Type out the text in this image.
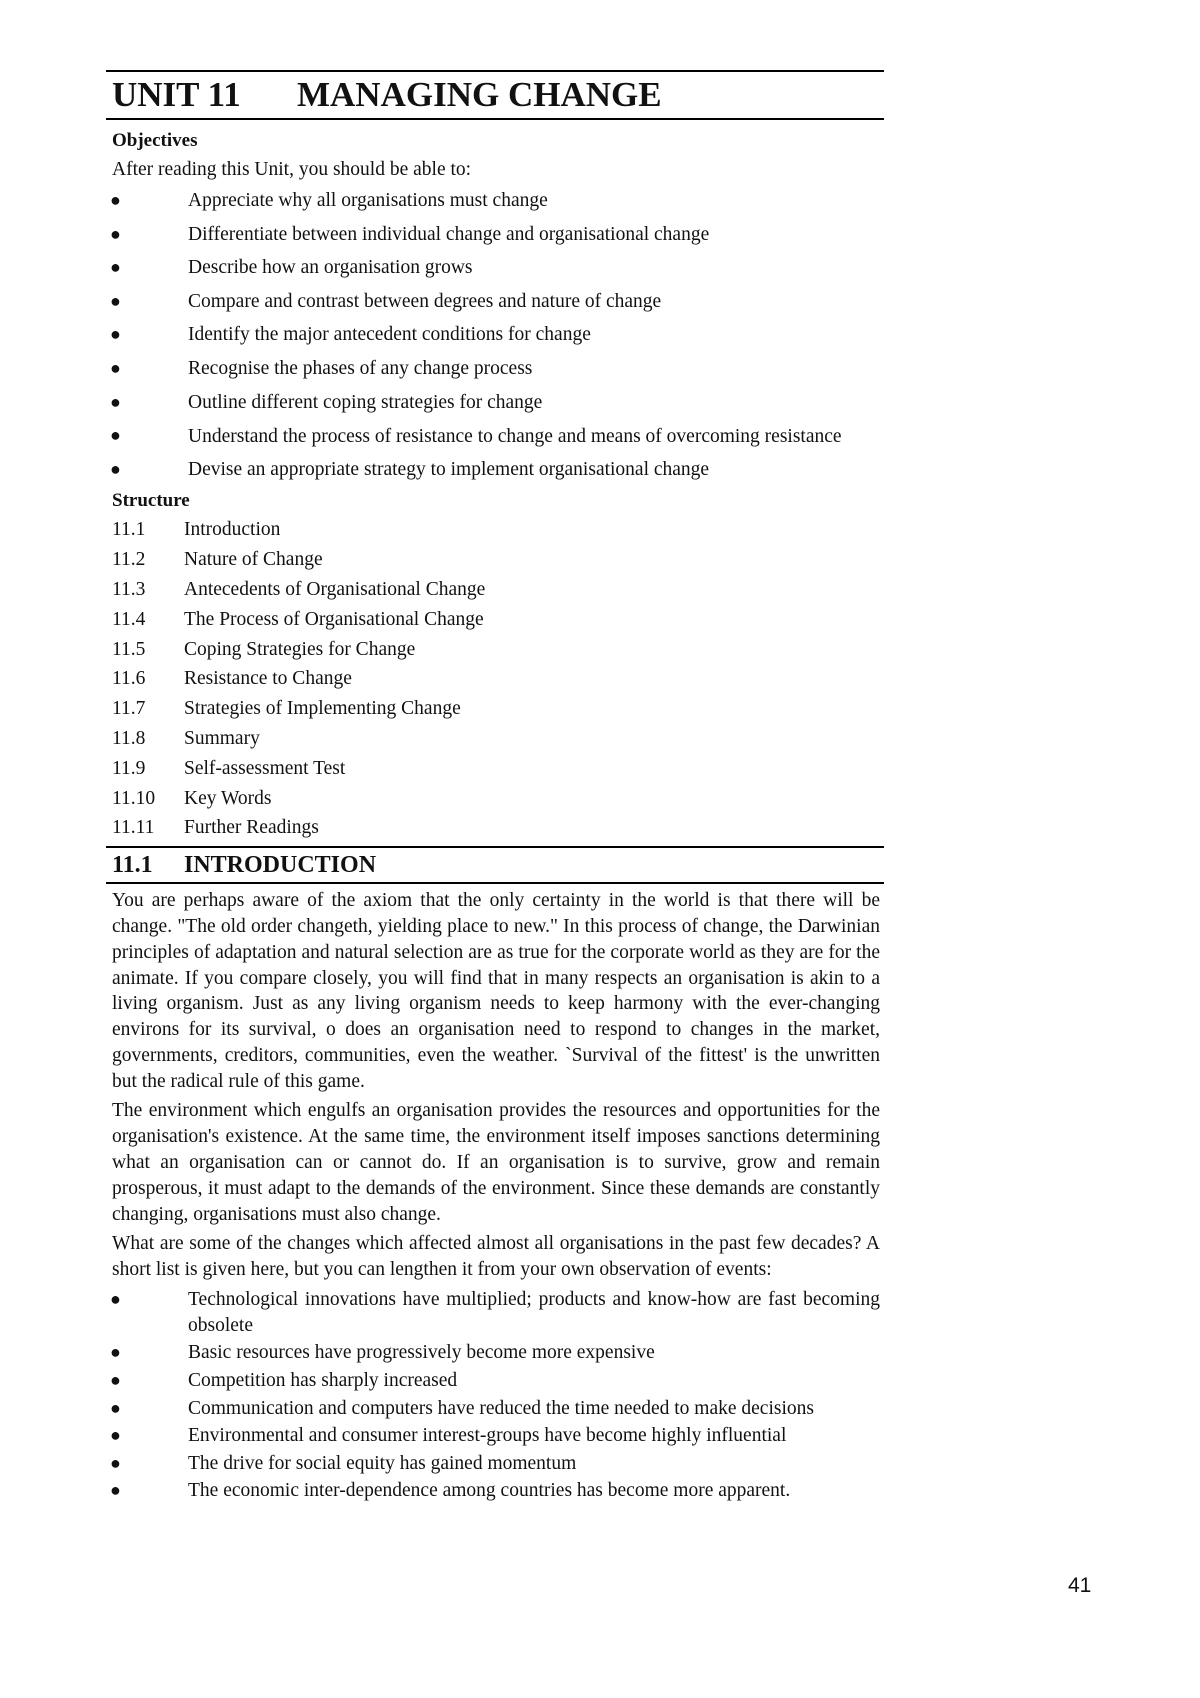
UNIT 11 MANAGING CHANGE
Objectives
After reading this Unit, you should be able to:
●	Appreciate why all organisations must change
●	Differentiate between individual change and organisational change
●	Describe how an organisation grows
●	Compare and contrast between degrees and nature of change
●	Identify the major antecedent conditions for change
●	Recognise the phases of any change process
●	Outline different coping strategies for change
●	Understand the process of resistance to change and means of overcoming resistance
●	Devise an appropriate strategy to implement organisational change
Structure
11.1	Introduction
11.2	Nature of Change
11.3	Antecedents of Organisational Change
11.4	The Process of Organisational Change
11.5	Coping Strategies for Change
11.6	Resistance to Change
11.7	Strategies of Implementing Change
11.8	Summary
11.9	Self-assessment Test
11.10	Key Words
11.11	Further Readings
11.1 INTRODUCTION

You are perhaps aware of the axiom that the only certainty in the world is that there will be change. "The old order changeth, yielding place to new." In this process of change, the Darwinian principles of adaptation and natural selection are as true for the corporate world as they are for the animate. If you compare closely, you will find that in many respects an organisation is akin to a living organism. Just as any living organism needs to keep harmony with the ever-changing environs for its survival, o does an organisation need to respond to changes in the market, governments, creditors, communities, even the weather. `Survival of the fittest' is the unwritten but the radical rule of this game.

The environment which engulfs an organisation provides the resources and opportunities for the organisation's existence. At the same time, the environment itself imposes sanctions determining what an organisation can or cannot do. If an organisation is to survive, grow and remain prosperous, it must adapt to the demands of the environment. Since these demands are constantly changing, organisations must also change.

What are some of the changes which affected almost all organisations in the past few decades? A short list is given here, but you can lengthen it from your own observation of events:

●	Technological innovations have multiplied; products and know-how are fast becoming obsolete
●	Basic resources have progressively become more expensive
●	Competition has sharply increased
●	Communication and computers have reduced the time needed to make decisions
●	Environmental and consumer interest-groups have become highly influential
●	The drive for social equity has gained momentum
●	The economic inter-dependence among countries has become more apparent.
41
